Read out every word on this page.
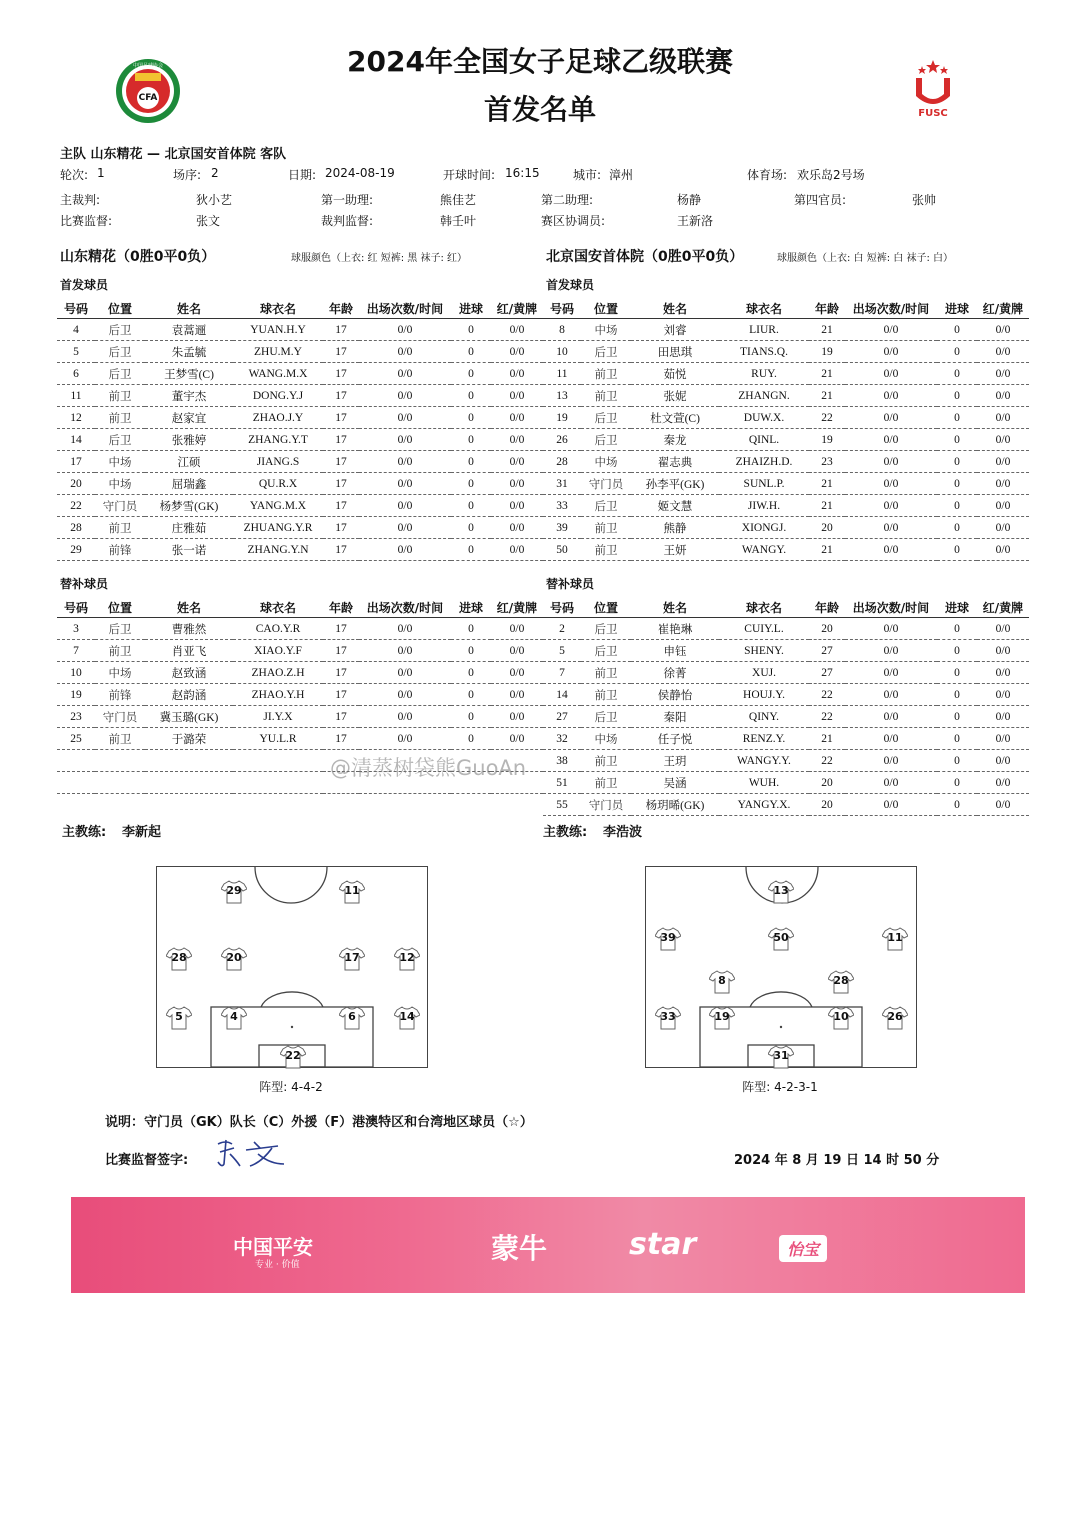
CFA
中国足球协会
FUSC
2024年全国女子足球乙级联赛
首发名单
主队 山东精花 — 北京国安首体院 客队
轮次: 1	场序: 2	日期: 2024-08-19	开球时间: 16:15	城市: 漳州	体育场: 欢乐岛2号场
主裁判:	狄小艺	第一助理:	熊佳艺	第二助理:	杨静	第四官员:	张帅
比赛监督:	张文	裁判监督:	韩壬叶	赛区协调员:	王新洛
山东精花（0胜0平0负）	球服颜色（上衣: 红 短裤: 黑 袜子: 红）	北京国安首体院（0胜0平0负）	球服颜色（上衣: 白 短裤: 白 袜子: 白）
首发球员	首发球员
号码	位置	姓名	球衣名	年龄	出场次数/时间	进球	红/黄牌
4	后卫	袁蒿逦	YUAN.H.Y	17	0/0	0	0/0
5	后卫	朱孟毓	ZHU.M.Y	17	0/0	0	0/0
6	后卫	王梦雪(C)	WANG.M.X	17	0/0	0	0/0
11	前卫	董宇杰	DONG.Y.J	17	0/0	0	0/0
12	前卫	赵家宜	ZHAO.J.Y	17	0/0	0	0/0
14	后卫	张雅婷	ZHANG.Y.T	17	0/0	0	0/0
17	中场	江硕	JIANG.S	17	0/0	0	0/0
20	中场	屈瑞鑫	QU.R.X	17	0/0	0	0/0
22	守门员	杨梦雪(GK)	YANG.M.X	17	0/0	0	0/0
28	前卫	庄雅茹	ZHUANG.Y.R	17	0/0	0	0/0
29	前锋	张一诺	ZHANG.Y.N	17	0/0	0	0/0
号码	位置	姓名	球衣名	年龄	出场次数/时间	进球	红/黄牌
8	中场	刘睿	LIUR.	21	0/0	0	0/0
10	后卫	田思琪	TIANS.Q.	19	0/0	0	0/0
11	前卫	茹悦	RUY.	21	0/0	0	0/0
13	前卫	张妮	ZHANGN.	21	0/0	0	0/0
19	后卫	杜文萱(C)	DUW.X.	22	0/0	0	0/0
26	后卫	秦龙	QINL.	19	0/0	0	0/0
28	中场	翟志典	ZHAIZH.D.	23	0/0	0	0/0
31	守门员	孙李平(GK)	SUNL.P.	21	0/0	0	0/0
33	后卫	姬文慧	JIW.H.	21	0/0	0	0/0
39	前卫	熊静	XIONGJ.	20	0/0	0	0/0
50	前卫	王妍	WANGY.	21	0/0	0	0/0
替补球员	替补球员
号码	位置	姓名	球衣名	年龄	出场次数/时间	进球	红/黄牌
3	后卫	曹雅然	CAO.Y.R	17	0/0	0	0/0
7	前卫	肖亚飞	XIAO.Y.F	17	0/0	0	0/0
10	中场	赵致涵	ZHAO.Z.H	17	0/0	0	0/0
19	前锋	赵韵涵	ZHAO.Y.H	17	0/0	0	0/0
23	守门员	冀玉璐(GK)	JI.Y.X	17	0/0	0	0/0
25	前卫	于潞荣	YU.L.R	17	0/0	0	0/0

号码	位置	姓名	球衣名	年龄	出场次数/时间	进球	红/黄牌
2	后卫	崔艳琳	CUIY.L.	20	0/0	0	0/0
5	后卫	申钰	SHENY.	27	0/0	0	0/0
7	前卫	徐菁	XUJ.	27	0/0	0	0/0
14	前卫	侯静怡	HOUJ.Y.	22	0/0	0	0/0
27	后卫	秦阳	QINY.	22	0/0	0	0/0
32	中场	任子悦	RENZ.Y.	21	0/0	0	0/0
38	前卫	王玥	WANGY.Y.	22	0/0	0	0/0
51	前卫	吴涵	WUH.	20	0/0	0	0/0
55	守门员	杨玥晞(GK)	YANGY.X.	20	0/0	0	0/0
@清蒸树袋熊GuoAn
主教练: 李新起	主教练: 李浩波
阵型: 4-4-2	阵型: 4-2-3-1
29	11
28	20	17	12
5	4	6	14
22
13
39	50	11
8	28
33	19	10	26
31
说明：守门员（GK）队长（C）外援（F）港澳特区和台湾地区球员（☆）
比赛监督签字:	2024 年 8 月 19 日 14 时 50 分
中国平安
专业 · 价值	蒙牛	star	怡宝
